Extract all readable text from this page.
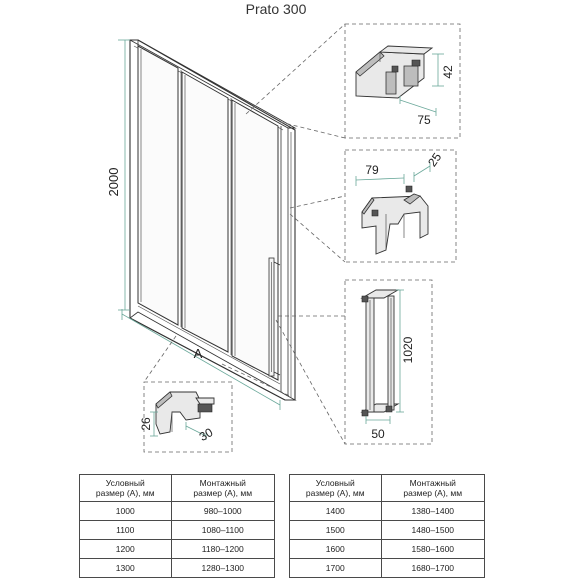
Prato 300
2000
A
42
75
79
25
1020
50
26
30
Условный
размер (А), мм	Монтажный
размер (А), мм
1000	980–1000
1100	1080–1100
1200	1180–1200
1300	1280–1300
Условный
размер (А), мм	Монтажный
размер (А), мм
1400	1380–1400
1500	1480–1500
1600	1580–1600
1700	1680–1700
